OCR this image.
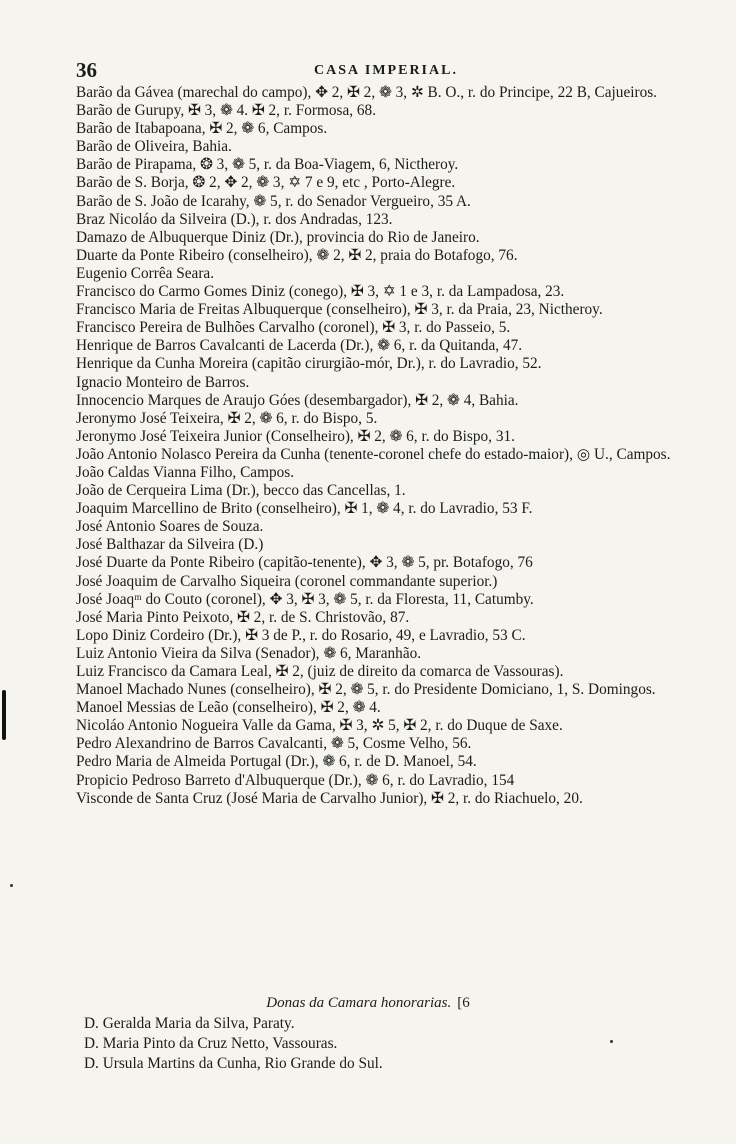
36	CASA IMPERIAL.

Barão da Gávea (marechal do campo), ✥ 2, ✠ 2, ❁ 3, ✲ B. O., r. do Principe, 22 B, Cajueiros.

Barão de Gurupy, ✠ 3, ❁ 4. ✠ 2, r. Formosa, 68.

Barão de Itabapoana, ✠ 2, ❁ 6, Campos.

Barão de Oliveira, Bahia.

Barão de Pirapama, ❂ 3, ❁ 5, r. da Boa-Viagem, 6, Nictheroy.

Barão de S. Borja, ❂ 2, ✥ 2, ❁ 3, ✡ 7 e 9, etc , Porto-Alegre.

Barão de S. João de Icarahy, ❁ 5, r. do Senador Vergueiro, 35 A.

Braz Nicoláo da Silveira (D.), r. dos Andradas, 123.

Damazo de Albuquerque Diniz (Dr.), provincia do Rio de Janeiro.

Duarte da Ponte Ribeiro (conselheiro), ❁ 2, ✠ 2, praia do Botafogo, 76.

Eugenio Corrêa Seara.

Francisco do Carmo Gomes Diniz (conego), ✠ 3, ✡ 1 e 3, r. da Lampadosa, 23.

Francisco Maria de Freitas Albuquerque (conselheiro), ✠ 3, r. da Praia, 23, Nictheroy.

Francisco Pereira de Bulhões Carvalho (coronel), ✠ 3, r. do Passeio, 5.

Henrique de Barros Cavalcanti de Lacerda (Dr.), ❁ 6, r. da Quitanda, 47.

Henrique da Cunha Moreira (capitão cirurgião-mór, Dr.), r. do Lavradio, 52.

Ignacio Monteiro de Barros.

Innocencio Marques de Araujo Góes (desembargador), ✠ 2, ❁ 4, Bahia.

Jeronymo José Teixeira, ✠ 2, ❁ 6, r. do Bispo, 5.

Jeronymo José Teixeira Junior (Conselheiro), ✠ 2, ❁ 6, r. do Bispo, 31.

João Antonio Nolasco Pereira da Cunha (tenente-coronel chefe do estado-maior), ◎ U., Campos.

João Caldas Vianna Filho, Campos.

João de Cerqueira Lima (Dr.), becco das Cancellas, 1.

Joaquim Marcellino de Brito (conselheiro), ✠ 1, ❁ 4, r. do Lavradio, 53 F.

José Antonio Soares de Souza.

José Balthazar da Silveira (D.)

José Duarte da Ponte Ribeiro (capitão-tenente), ✥ 3, ❁ 5, pr. Botafogo, 76

José Joaquim de Carvalho Siqueira (coronel commandante superior.)

José Joaqᵐ do Couto (coronel), ✥ 3, ✠ 3, ❁ 5, r. da Floresta, 11, Catumby.

José Maria Pinto Peixoto, ✠ 2, r. de S. Christovão, 87.

Lopo Diniz Cordeiro (Dr.), ✠ 3 de P., r. do Rosario, 49, e Lavradio, 53 C.

Luiz Antonio Vieira da Silva (Senador), ❁ 6, Maranhão.

Luiz Francisco da Camara Leal, ✠ 2, (juiz de direito da comarca de Vassouras).

Manoel Machado Nunes (conselheiro), ✠ 2, ❁ 5, r. do Presidente Domiciano, 1, S. Domingos.

Manoel Messias de Leão (conselheiro), ✠ 2, ❁ 4.

Nicoláo Antonio Nogueira Valle da Gama, ✠ 3, ✲ 5, ✠ 2, r. do Duque de Saxe.

Pedro Alexandrino de Barros Cavalcanti, ❁ 5, Cosme Velho, 56.

Pedro Maria de Almeida Portugal (Dr.), ❁ 6, r. de D. Manoel, 54.

Propicio Pedroso Barreto d'Albuquerque (Dr.), ❁ 6, r. do Lavradio, 154

Visconde de Santa Cruz (José Maria de Carvalho Junior), ✠ 2, r. do Riachuelo, 20.

Donas da Camara honorarias. [6

D. Geralda Maria da Silva, Paraty.

D. Maria Pinto da Cruz Netto, Vassouras.

D. Ursula Martins da Cunha, Rio Grande do Sul.
